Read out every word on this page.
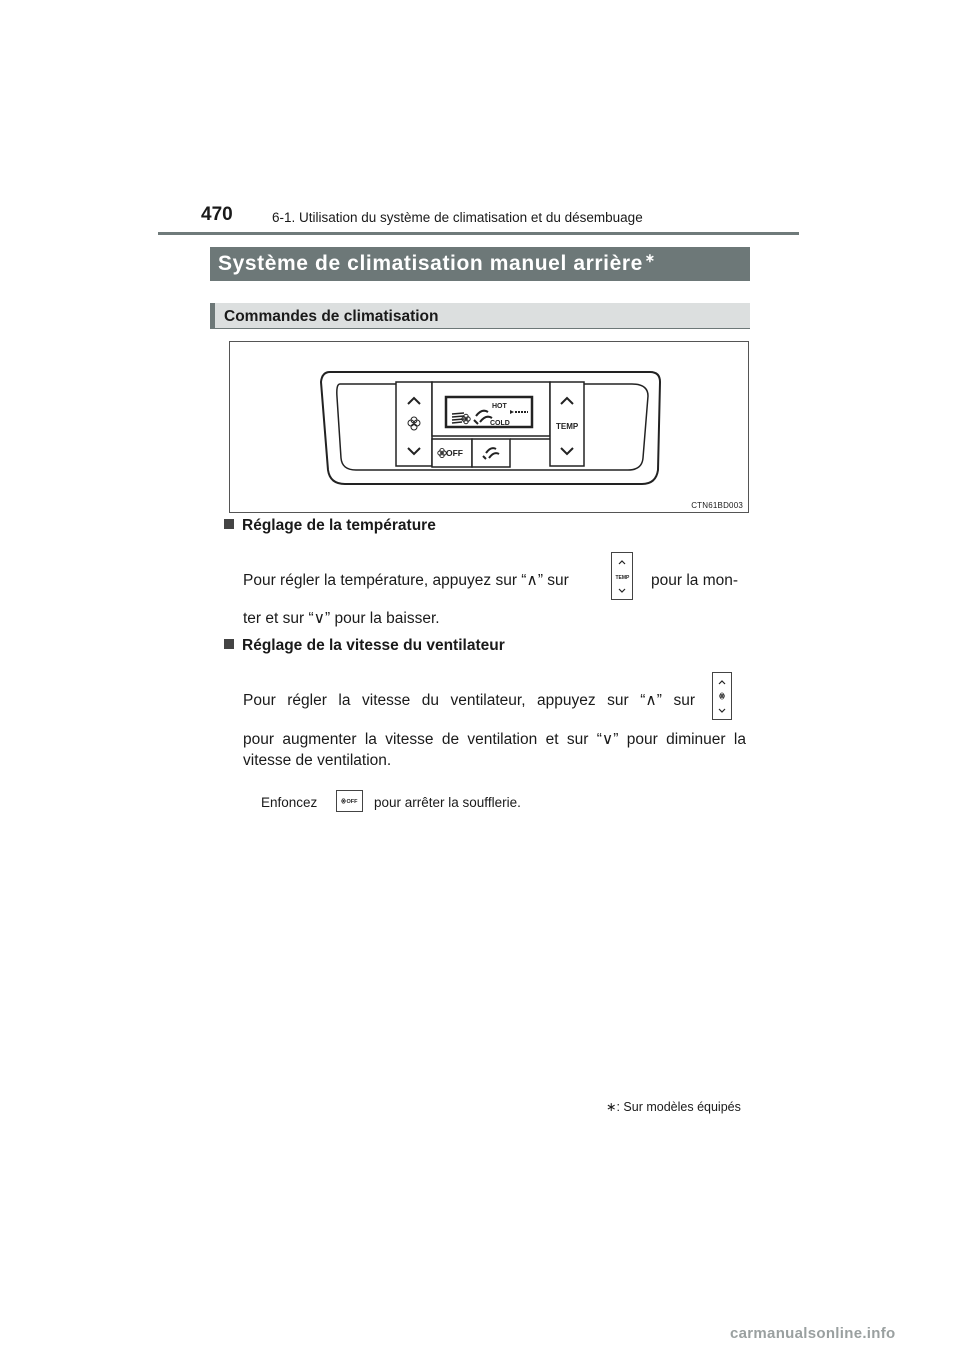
470	6-1. Utilisation du système de climatisation et du désembuage
Système de climatisation manuel arrière ∗
Commandes de climatisation
HOT
COLD
OFF
TEMP
CTN61BD003
Réglage de la température
Pour régler la température, appuyez sur “∧” sur	TEMP pour la mon-
ter et sur “∨” pour la baisser.
Réglage de la vitesse du ventilateur
Pour régler la vitesse du ventilateur, appuyez sur “∧” sur
pour augmenter la vitesse de ventilation et sur “∨” pour diminuer la
vitesse de ventilation.
Enfoncez	OFF pour arrêter la soufflerie.
∗: Sur modèles équipés
carmanualsonline.info
